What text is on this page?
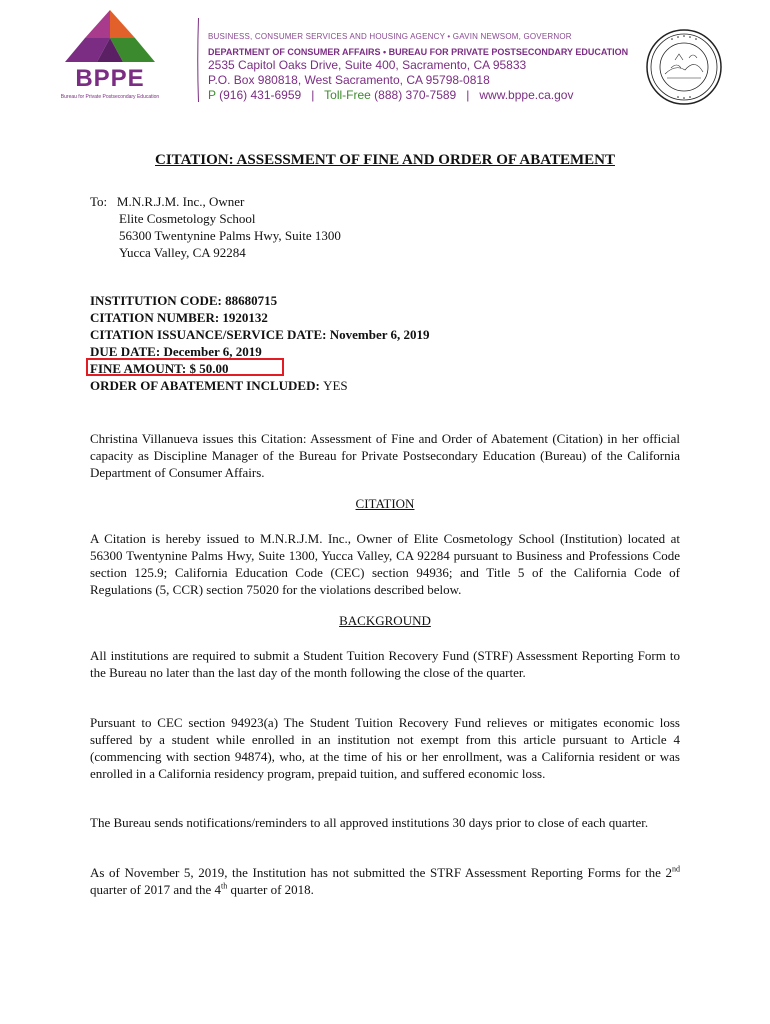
BPPE
Bureau for Private Postsecondary Education
BUSINESS, CONSUMER SERVICES AND HOUSING AGENCY • GAVIN NEWSOM, GOVERNOR
DEPARTMENT OF CONSUMER AFFAIRS • BUREAU FOR PRIVATE POSTSECONDARY EDUCATION
2535 Capitol Oaks Drive, Suite 400, Sacramento, CA 95833
P.O. Box 980818, West Sacramento, CA 95798-0818
P (916) 431-6959 | Toll-Free (888) 370-7589 | www.bppe.ca.gov
CITATION: ASSESSMENT OF FINE AND ORDER OF ABATEMENT
To: M.N.R.J.M. Inc., Owner
Elite Cosmetology School
56300 Twentynine Palms Hwy, Suite 1300
Yucca Valley, CA 92284
INSTITUTION CODE: 88680715
CITATION NUMBER: 1920132
CITATION ISSUANCE/SERVICE DATE: November 6, 2019
DUE DATE: December 6, 2019
FINE AMOUNT: $ 50.00
ORDER OF ABATEMENT INCLUDED: YES
Christina Villanueva issues this Citation: Assessment of Fine and Order of Abatement (Citation) in her official capacity as Discipline Manager of the Bureau for Private Postsecondary Education (Bureau) of the California Department of Consumer Affairs.
CITATION
A Citation is hereby issued to M.N.R.J.M. Inc., Owner of Elite Cosmetology School (Institution) located at 56300 Twentynine Palms Hwy, Suite 1300, Yucca Valley, CA 92284 pursuant to Business and Professions Code section 125.9; California Education Code (CEC) section 94936; and Title 5 of the California Code of Regulations (5, CCR) section 75020 for the violations described below.
BACKGROUND
All institutions are required to submit a Student Tuition Recovery Fund (STRF) Assessment Reporting Form to the Bureau no later than the last day of the month following the close of the quarter.
Pursuant to CEC section 94923(a) The Student Tuition Recovery Fund relieves or mitigates economic loss suffered by a student while enrolled in an institution not exempt from this article pursuant to Article 4 (commencing with section 94874), who, at the time of his or her enrollment, was a California resident or was enrolled in a California residency program, prepaid tuition, and suffered economic loss.
The Bureau sends notifications/reminders to all approved institutions 30 days prior to close of each quarter.
As of November 5, 2019, the Institution has not submitted the STRF Assessment Reporting Forms for the 2nd quarter of 2017 and the 4th quarter of 2018.
